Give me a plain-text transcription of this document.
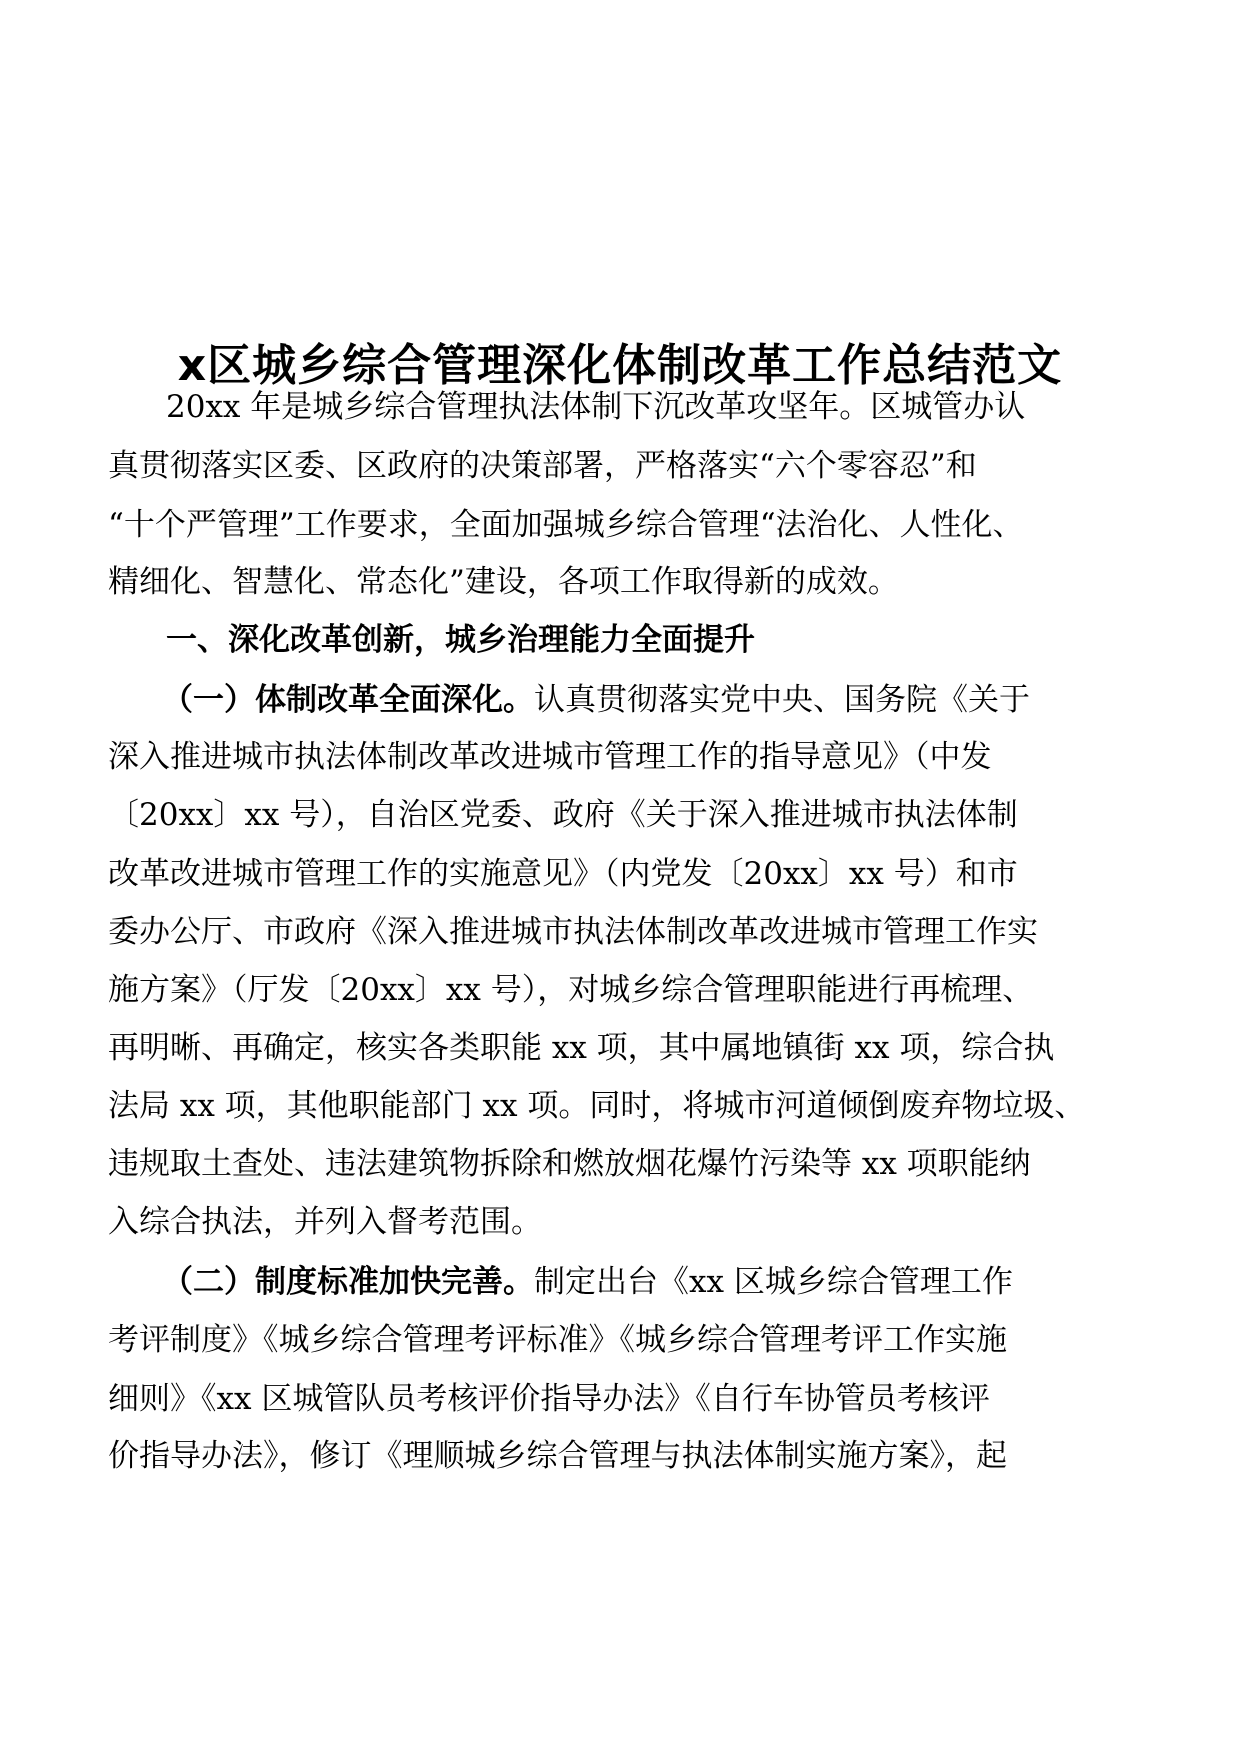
x区城乡综合管理深化体制改革工作总结范文
20xx 年是城乡综合管理执法体制下沉改革攻坚年。区城管办认
真贯彻落实区委、区政府的决策部署，严格落实“六个零容忍”和
“十个严管理”工作要求，全面加强城乡综合管理“法治化、人性化、
精细化、智慧化、常态化”建设，各项工作取得新的成效。
一、深化改革创新，城乡治理能力全面提升
（一）体制改革全面深化。认真贯彻落实党中央、国务院《关于
深入推进城市执法体制改革改进城市管理工作的指导意见》（中发
〔20xx〕xx 号），自治区党委、政府《关于深入推进城市执法体制
改革改进城市管理工作的实施意见》（内党发〔20xx〕xx 号）和市
委办公厅、市政府《深入推进城市执法体制改革改进城市管理工作实
施方案》（厅发〔20xx〕xx 号），对城乡综合管理职能进行再梳理、
再明晰、再确定，核实各类职能 xx 项，其中属地镇街 xx 项，综合执
法局 xx 项，其他职能部门 xx 项。同时，将城市河道倾倒废弃物垃圾、
违规取土查处、违法建筑物拆除和燃放烟花爆竹污染等 xx 项职能纳
入综合执法，并列入督考范围。
（二）制度标准加快完善。制定出台《xx 区城乡综合管理工作
考评制度》《城乡综合管理考评标准》《城乡综合管理考评工作实施
细则》《xx 区城管队员考核评价指导办法》《自行车协管员考核评
价指导办法》，修订《理顺城乡综合管理与执法体制实施方案》，起
